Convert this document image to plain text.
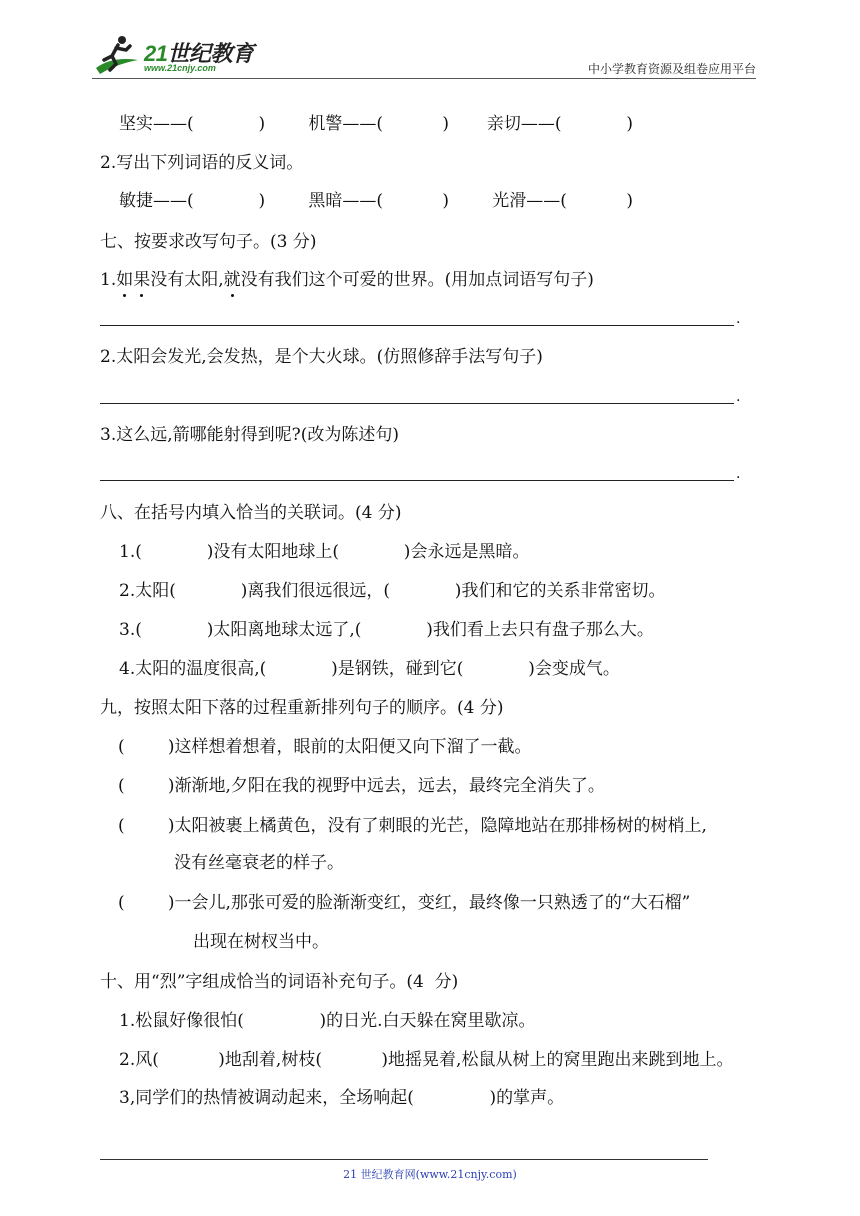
21世纪教育
www.21cnjy.com	中小学教育资源及组卷应用平台
坚实——(            )        机警——(           )       亲切——(            )
2.写出下列词语的反义词。
敏捷——(            )        黑暗——(           )        光滑——(           )
七、按要求改写句子。(3 分)
1.如果没有太阳,就没有我们这个可爱的世界。(用加点词语写句子)
.
2.太阳会发光,会发热，是个大火球。(仿照修辞手法写句子)
.
3.这么远,箭哪能射得到呢?(改为陈述句)
.
八、在括号内填入恰当的关联词。(4 分)
1.(            )没有太阳地球上(            )会永远是黑暗。
2.太阳(            )离我们很远很远，(            )我们和它的关系非常密切。
3.(            )太阳离地球太远了,(            )我们看上去只有盘子那么大。
4.太阳的温度很高,(            )是钢铁，碰到它(            )会变成气。
九，按照太阳下落的过程重新排列句子的顺序。(4 分)
(        )这样想着想着，眼前的太阳便又向下溜了一截。
(        )渐渐地,夕阳在我的视野中远去，远去，最终完全消失了。
(        )太阳被裹上橘黄色，没有了刺眼的光芒，隐障地站在那排杨树的树梢上,
没有丝毫衰老的样子。
(        )一会儿,那张可爱的脸渐渐变红，变红，最终像一只熟透了的“大石榴”
出现在树杈当中。
十、用“烈”字组成恰当的词语补充句子。(4  分)
1.松鼠好像很怕(              )的日光.白天躲在窝里歇凉。
2.风(           )地刮着,树枝(           )地摇晃着,松鼠从树上的窝里跑出来跳到地上。
3,同学们的热情被调动起来，全场响起(              )的掌声。
21 世纪教育网(www.21cnjy.com)
